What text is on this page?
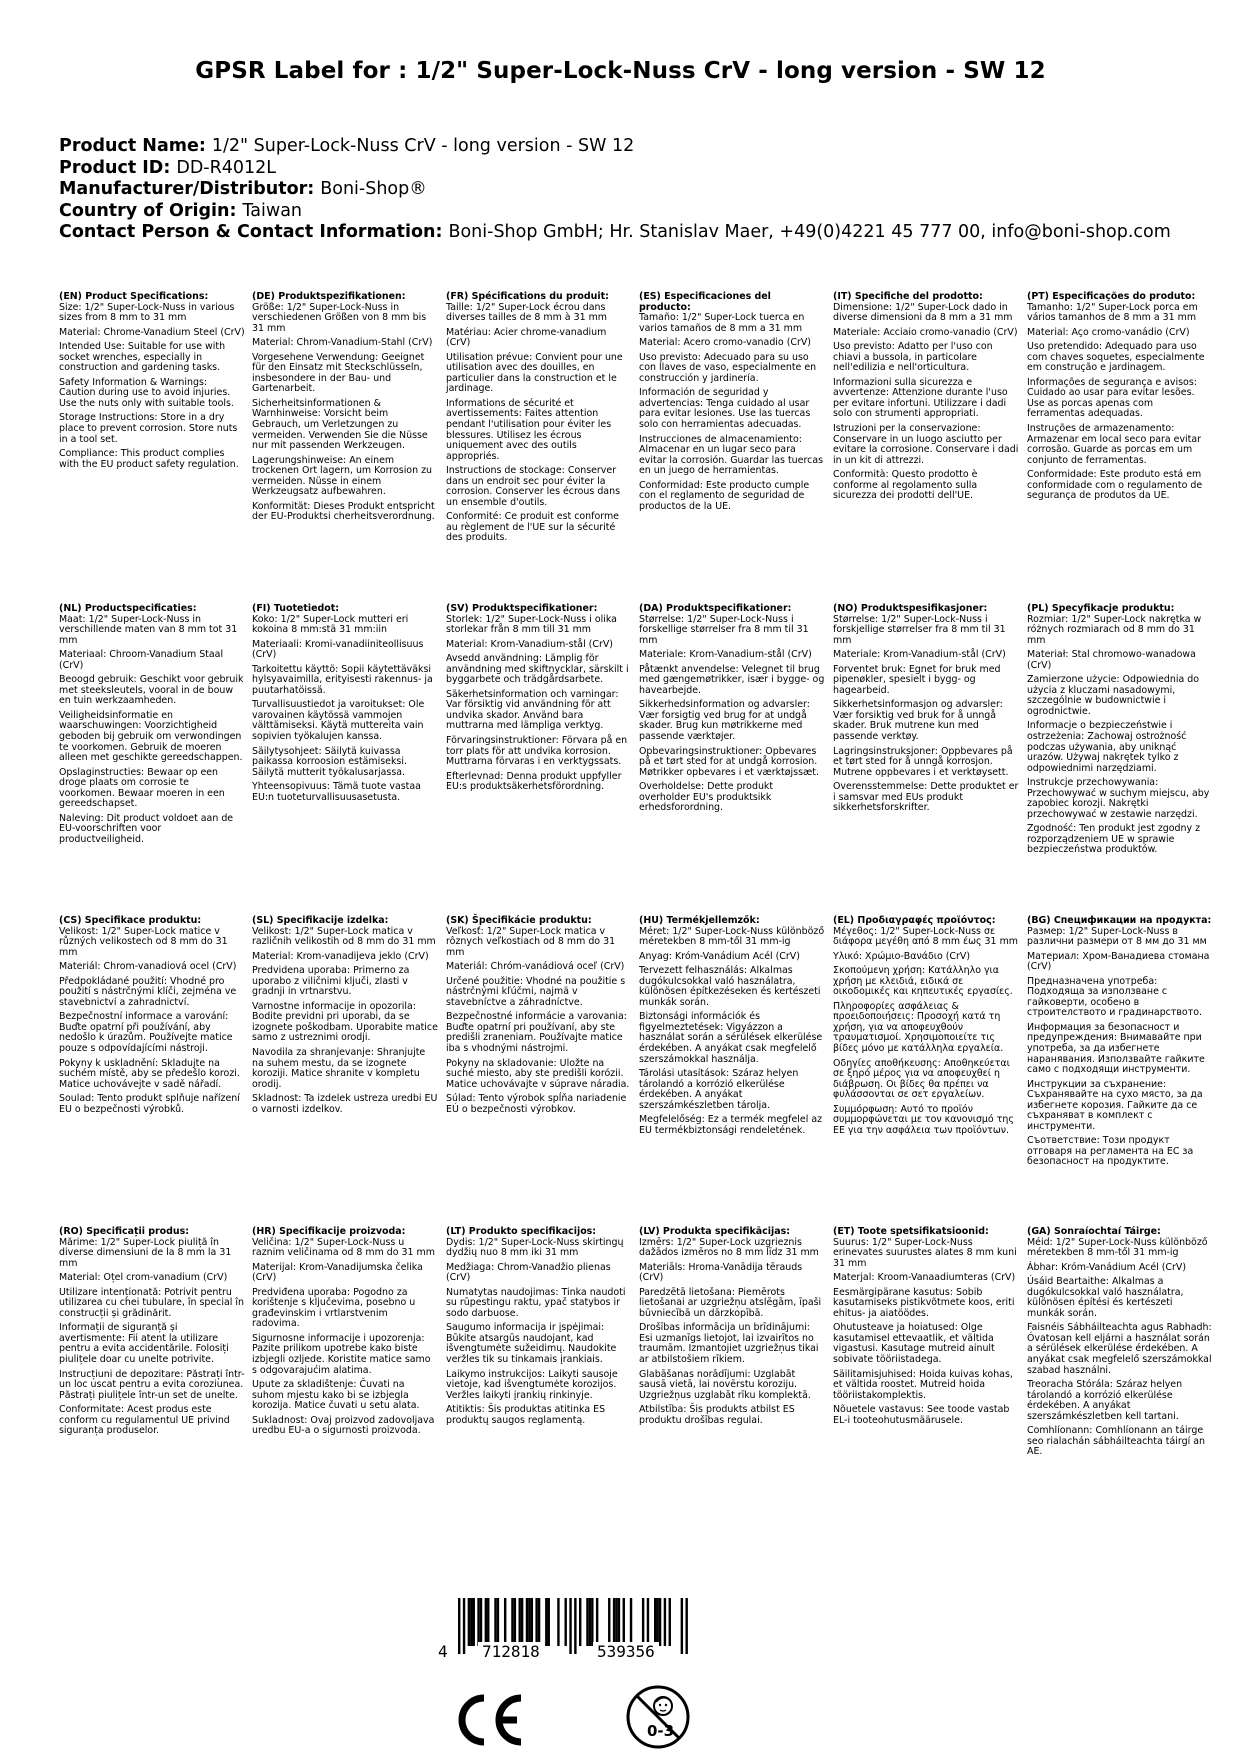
GPSR Label for : 1/2" Super-Lock-Nuss CrV - long version - SW 12
Product Name: 1/2" Super-Lock-Nuss CrV - long version - SW 12
Product ID: DD-R4012L
Manufacturer/Distributor: Boni-Shop®
Country of Origin: Taiwan
Contact Person & Contact Information: Boni-Shop GmbH; Hr. Stanislav Maer, +49(0)4221 45 777 00, info@boni-shop.com
(EN) Product Specifications:

Size: 1/2" Super-Lock-Nuss in various sizes from 8 mm to 31 mm

Material: Chrome-Vanadium Steel (CrV)

Intended Use: Suitable for use with socket wrenches, especially in construction and gardening tasks.

Safety Information & Warnings: Caution during use to avoid injuries. Use the nuts only with suitable tools.

Storage Instructions: Store in a dry place to prevent corrosion. Store nuts in a tool set.

Compliance: This product complies with the EU product safety regulation.

(DE) Produktspezifikationen:

Größe: 1/2" Super-Lock-Nuss in verschiedenen Größen von 8 mm bis 31 mm

Material: Chrom-Vanadium-Stahl (CrV)

Vorgesehene Verwendung: Geeignet für den Einsatz mit Steckschlüsseln, insbesondere in der Bau- und Gartenarbeit.

Sicherheitsinformationen & Warnhinweise: Vorsicht beim Gebrauch, um Verletzungen zu vermeiden. Verwenden Sie die Nüsse nur mit passenden Werkzeugen.

Lagerungshinweise: An einem trockenen Ort lagern, um Korrosion zu vermeiden. Nüsse in einem Werkzeugsatz aufbewahren.

Konformität: Dieses Produkt entspricht der EU-Produktsi cherheitsverordnung.

(FR) Spécifications du produit:

Taille: 1/2" Super-Lock écrou dans diverses tailles de 8 mm à 31 mm

Matériau: Acier chrome-vanadium (CrV)

Utilisation prévue: Convient pour une utilisation avec des douilles, en particulier dans la construction et le jardinage.

Informations de sécurité et avertissements: Faites attention pendant l'utilisation pour éviter les blessures. Utilisez les écrous uniquement avec des outils appropriés.

Instructions de stockage: Conserver dans un endroit sec pour éviter la corrosion. Conserver les écrous dans un ensemble d'outils.

Conformité: Ce produit est conforme au règlement de l'UE sur la sécurité des produits.

(ES) Especificaciones del producto:

Tamaño: 1/2" Super-Lock tuerca en varios tamaños de 8 mm a 31 mm

Material: Acero cromo-vanadio (CrV)

Uso previsto: Adecuado para su uso con llaves de vaso, especialmente en construcción y jardinería.

Información de seguridad y advertencias: Tenga cuidado al usar para evitar lesiones. Use las tuercas solo con herramientas adecuadas.

Instrucciones de almacenamiento: Almacenar en un lugar seco para evitar la corrosión. Guardar las tuercas en un juego de herramientas.

Conformidad: Este producto cumple con el reglamento de seguridad de productos de la UE.

(IT) Specifiche del prodotto:

Dimensione: 1/2" Super-Lock dado in diverse dimensioni da 8 mm a 31 mm

Materiale: Acciaio cromo-vanadio (CrV)

Uso previsto: Adatto per l'uso con chiavi a bussola, in particolare nell'edilizia e nell'orticultura.

Informazioni sulla sicurezza e avvertenze: Attenzione durante l'uso per evitare infortuni. Utilizzare i dadi solo con strumenti appropriati.

Istruzioni per la conservazione: Conservare in un luogo asciutto per evitare la corrosione. Conservare i dadi in un kit di attrezzi.

Conformità: Questo prodotto è conforme al regolamento sulla sicurezza dei prodotti dell'UE.

(PT) Especificações do produto:

Tamanho: 1/2" Super-Lock porca em vários tamanhos de 8 mm a 31 mm

Material: Aço cromo-vanádio (CrV)

Uso pretendido: Adequado para uso com chaves soquetes, especialmente em construção e jardinagem.

Informações de segurança e avisos: Cuidado ao usar para evitar lesões. Use as porcas apenas com ferramentas adequadas.

Instruções de armazenamento: Armazenar em local seco para evitar corrosão. Guarde as porcas em um conjunto de ferramentas.

Conformidade: Este produto está em conformidade com o regulamento de segurança de produtos da UE.

(NL) Productspecificaties:

Maat: 1/2" Super-Lock-Nuss in verschillende maten van 8 mm tot 31 mm

Materiaal: Chroom-Vanadium Staal (CrV)

Beoogd gebruik: Geschikt voor gebruik met steeksleutels, vooral in de bouw en tuin werkzaamheden.

Veiligheidsinformatie en waarschuwingen: Voorzichtigheid geboden bij gebruik om verwondingen te voorkomen. Gebruik de moeren alleen met geschikte gereedschappen.

Opslaginstructies: Bewaar op een droge plaats om corrosie te voorkomen. Bewaar moeren in een gereedschapset.

Naleving: Dit product voldoet aan de EU-voorschriften voor productveiligheid.

(FI) Tuotetiedot:

Koko: 1/2" Super-Lock mutteri eri kokoina 8 mm:stä 31 mm:iin

Materiaali: Kromi-vanadiiniteollisuus (CrV)

Tarkoitettu käyttö: Sopii käytettäväksi hylsyavaimilla, erityisesti rakennus- ja puutarhatöissä.

Turvallisuustiedot ja varoitukset: Ole varovainen käytössä vammojen välttämiseksi. Käytä muttereita vain sopivien työkalujen kanssa.

Säilytysohjeet: Säilytä kuivassa paikassa korroosion estämiseksi. Säilytä mutterit työkalusarjassa.

Yhteensopivuus: Tämä tuote vastaa EU:n tuoteturvallisuusasetusta.

(SV) Produktspecifikationer:

Storlek: 1/2" Super-Lock-Nuss i olika storlekar från 8 mm till 31 mm

Material: Krom-Vanadium-stål (CrV)

Avsedd användning: Lämplig för användning med skiftnycklar, särskilt i byggarbete och trädgårdsarbete.

Säkerhetsinformation och varningar: Var försiktig vid användning för att undvika skador. Använd bara muttrarna med lämpliga verktyg.

Förvaringsinstruktioner: Förvara på en torr plats för att undvika korrosion. Muttrarna förvaras i en verktygssats.

Efterlevnad: Denna produkt uppfyller EU:s produktsäkerhetsförordning.

(DA) Produktspecifikationer:

Størrelse: 1/2" Super-Lock-Nuss i forskellige størrelser fra 8 mm til 31 mm

Materiale: Krom-Vanadium-stål (CrV)

Påtænkt anvendelse: Velegnet til brug med gængemøtrikker, især i bygge- og havearbejde.

Sikkerhedsinformation og advarsler: Vær forsigtig ved brug for at undgå skader. Brug kun møtrikkerne med passende værktøjer.

Opbevaringsinstruktioner: Opbevares på et tørt sted for at undgå korrosion. Møtrikker opbevares i et værktøjssæt.

Overholdelse: Dette produkt overholder EU's produktsikk erhedsforordning.

(NO) Produktspesifikasjoner:

Størrelse: 1/2" Super-Lock-Nuss i forskjellige størrelser fra 8 mm til 31 mm

Materiale: Krom-Vanadium-stål (CrV)

Forventet bruk: Egnet for bruk med pipenøkler, spesielt i bygg- og hagearbeid.

Sikkerhetsinformasjon og advarsler: Vær forsiktig ved bruk for å unngå skader. Bruk mutrene kun med passende verktøy.

Lagringsinstruksjoner: Oppbevares på et tørt sted for å unngå korrosjon. Mutrene oppbevares i et verktøysett.

Overensstemmelse: Dette produktet er i samsvar med EUs produkt sikkerhetsforskrifter.

(PL) Specyfikacje produktu:

Rozmiar: 1/2" Super-Lock nakrętka w różnych rozmiarach od 8 mm do 31 mm

Materiał: Stal chromowo-wanadowa (CrV)

Zamierzone użycie: Odpowiednia do użycia z kluczami nasadowymi, szczególnie w budownictwie i ogrodnictwie.

Informacje o bezpieczeństwie i ostrzeżenia: Zachowaj ostrożność podczas używania, aby uniknąć urazów. Używaj nakrętek tylko z odpowiednimi narzędziami.

Instrukcje przechowywania: Przechowywać w suchym miejscu, aby zapobiec korozji. Nakrętki przechowywać w zestawie narzędzi.

Zgodność: Ten produkt jest zgodny z rozporządzeniem UE w sprawie bezpieczeństwa produktów.

(CS) Specifikace produktu:

Velikost: 1/2" Super-Lock matice v různých velikostech od 8 mm do 31 mm

Materiál: Chrom-vanadiová ocel (CrV)

Předpokládané použití: Vhodné pro použití s nástrčnými klíči, zejména ve stavebnictví a zahradnictví.

Bezpečnostní informace a varování: Buďte opatrní při používání, aby nedošlo k úrazům. Používejte matice pouze s odpovídajícími nástroji.

Pokyny k uskladnění: Skladujte na suchém místě, aby se předešlo korozi. Matice uchovávejte v sadě nářadí.

Soulad: Tento produkt splňuje nařízení EU o bezpečnosti výrobků.

(SL) Specifikacije izdelka:

Velikost: 1/2" Super-Lock matica v različnih velikostih od 8 mm do 31 mm

Material: Krom-vanadijeva jeklo (CrV)

Predvidena uporaba: Primerno za uporabo z viličnimi ključi, zlasti v gradnji in vrtnarstvu.

Varnostne informacije in opozorila: Bodite previdni pri uporabi, da se izognete poškodbam. Uporabite matice samo z ustreznimi orodji.

Navodila za shranjevanje: Shranjujte na suhem mestu, da se izognete koroziji. Matice shranite v kompletu orodij.

Skladnost: Ta izdelek ustreza uredbi EU o varnosti izdelkov.

(SK) Špecifikácie produktu:

Veľkosť: 1/2" Super-Lock matica v rôznych veľkostiach od 8 mm do 31 mm

Materiál: Chróm-vanádiová oceľ (CrV)

Určené použitie: Vhodné na použitie s nástrčnými kľúčmi, najmä v stavebníctve a záhradníctve.

Bezpečnostné informácie a varovania: Buďte opatrní pri používaní, aby ste predišli zraneniam. Používajte matice iba s vhodnými nástrojmi.

Pokyny na skladovanie: Uložte na suché miesto, aby ste predišli korózii. Matice uchovávajte v súprave náradia.

Súlad: Tento výrobok spĺňa nariadenie EÚ o bezpečnosti výrobkov.

(HU) Termékjellemzők:

Méret: 1/2" Super-Lock-Nuss különböző méretekben 8 mm-től 31 mm-ig

Anyag: Króm-Vanádium Acél (CrV)

Tervezett felhasználás: Alkalmas dugókulcsokkal való használatra, különösen építkezéseken és kertészeti munkák során.

Biztonsági információk és figyelmeztetések: Vigyázzon a használat során a sérülések elkerülése érdekében. A anyákat csak megfelelő szerszámokkal használja.

Tárolási utasítások: Száraz helyen tárolandó a korrózió elkerülése érdekében. A anyákat szerszámkészletben tárolja.

Megfelelőség: Ez a termék megfelel az EU termékbiztonsági rendeletének.

(EL) Προδιαγραφές προϊόντος:

Μέγεθος: 1/2" Super-Lock-Nuss σε διάφορα μεγέθη από 8 mm έως 31 mm

Υλικό: Χρώμιο-Βανάδιο (CrV)

Σκοπούμενη χρήση: Κατάλληλο για χρήση με κλειδιά, ειδικά σε οικοδομικές και κηπευτικές εργασίες.

Πληροφορίες ασφάλειας & προειδοποιήσεις: Προσοχή κατά τη χρήση, για να αποφευχθούν τραυματισμοί. Χρησιμοποιείτε τις βίδες μόνο με κατάλληλα εργαλεία.

Οδηγίες αποθήκευσης: Αποθηκεύεται σε ξηρό μέρος για να αποφευχθεί η διάβρωση. Οι βίδες θα πρέπει να φυλάσσονται σε σετ εργαλείων.

Συμμόρφωση: Αυτό το προϊόν συμμορφώνεται με τον κανονισμό της ΕΕ για την ασφάλεια των προϊόντων.

(BG) Спецификации на продукта:

Размер: 1/2" Super-Lock-Nuss в различни размери от 8 мм до 31 мм

Материал: Хром-Ванадиева стомана (CrV)

Предназначена употреба: Подходяща за използване с гайковерти, особено в строителството и градинарството.

Информация за безопасност и предупреждения: Внимавайте при употреба, за да избегнете наранявания. Използвайте гайките само с подходящи инструменти.

Инструкции за съхранение: Съхранявайте на сухо място, за да избегнете корозия. Гайките да се съхраняват в комплект с инструменти.

Съответствие: Този продукт отговаря на регламента на ЕС за безопасност на продуктите.

(RO) Specificații produs:

Mărime: 1/2" Super-Lock piuliță în diverse dimensiuni de la 8 mm la 31 mm

Material: Oțel crom-vanadium (CrV)

Utilizare intenționată: Potrivit pentru utilizarea cu chei tubulare, în special în construcții și grădinărit.

Informații de siguranță și avertismente: Fii atent la utilizare pentru a evita accidentările. Folosiți piulițele doar cu unelte potrivite.

Instrucțiuni de depozitare: Păstrați într-un loc uscat pentru a evita coroziunea. Păstrați piulițele într-un set de unelte.

Conformitate: Acest produs este conform cu regulamentul UE privind siguranța produselor.

(HR) Specifikacije proizvoda:

Veličina: 1/2" Super-Lock-Nuss u raznim veličinama od 8 mm do 31 mm

Materijal: Krom-Vanadijumska čelika (CrV)

Predviđena uporaba: Pogodno za korištenje s ključevima, posebno u građevinskim i vrtlarstvenim radovima.

Sigurnosne informacije i upozorenja: Pazite prilikom upotrebe kako biste izbjegli ozljede. Koristite matice samo s odgovarajućim alatima.

Upute za skladištenje: Čuvati na suhom mjestu kako bi se izbjegla korozija. Matice čuvati u setu alata.

Sukladnost: Ovaj proizvod zadovoljava uredbu EU-a o sigurnosti proizvoda.

(LT) Produkto specifikacijos:

Dydis: 1/2" Super-Lock-Nuss skirtingų dydžių nuo 8 mm iki 31 mm

Medžiaga: Chrom-Vanadžio plienas (CrV)

Numatytas naudojimas: Tinka naudoti su rūpestingu raktu, ypač statybos ir sodo darbuose.

Saugumo informacija ir įspėjimai: Būkite atsargūs naudojant, kad išvengtumėte sužeidimų. Naudokite veržles tik su tinkamais įrankiais.

Laikymo instrukcijos: Laikyti sausoje vietoje, kad išvengtumėte korozijos. Veržles laikyti įrankių rinkinyje.

Atitiktis: Šis produktas atitinka ES produktų saugos reglamentą.

(LV) Produkta specifikācijas:

Izmērs: 1/2" Super-Lock uzgrieznis dažādos izmēros no 8 mm līdz 31 mm

Materiāls: Hroma-Vanādija tērauds (CrV)

Paredzētā lietošana: Piemērots lietošanai ar uzgriežņu atslēgām, īpaši būvniecībā un dārzkopībā.

Drošības informācija un brīdinājumi: Esi uzmanīgs lietojot, lai izvairītos no traumām. Izmantojiet uzgriežņus tikai ar atbilstošiem rīkiem.

Glabāšanas norādījumi: Uzglabāt sausā vietā, lai novērstu koroziju. Uzgriežņus uzglabāt rīku komplektā.

Atbilstība: Šis produkts atbilst ES produktu drošības regulai.

(ET) Toote spetsifikatsioonid:

Suurus: 1/2" Super-Lock-Nuss erinevates suurustes alates 8 mm kuni 31 mm

Materjal: Kroom-Vanaadiumteras (CrV)

Eesmärgipärane kasutus: Sobib kasutamiseks pistikvõtmete koos, eriti ehitus- ja aiatöödes.

Ohutusteave ja hoiatused: Olge kasutamisel ettevaatlik, et vältida vigastusi. Kasutage mutreid ainult sobivate tööriistadega.

Säilitamisjuhised: Hoida kuivas kohas, et vältida roostet. Mutreid hoida tööriistakomplektis.

Nõuetele vastavus: See toode vastab EL-i tooteohutusmäärusele.

(GA) Sonraíochtaí Táirge:

Méid: 1/2" Super-Lock-Nuss különböző méretekben 8 mm-től 31 mm-ig

Ábhar: Króm-Vanádium Acél (CrV)

Úsáid Beartaithe: Alkalmas a dugókulcsokkal való használatra, különösen építési és kertészeti munkák során.

Faisnéis Sábháilteachta agus Rabhadh: Óvatosan kell eljárni a használat során a sérülések elkerülése érdekében. A anyákat csak megfelelő szerszámokkal szabad használni.

Treoracha Stórála: Száraz helyen tárolandó a korrózió elkerülése érdekében. A anyákat szerszámkészletben kell tartani.

Comhlíonann: Comhlíonann an táirge seo rialachán sábháilteachta táirgí an AE.

4 712818	539356
0-3
